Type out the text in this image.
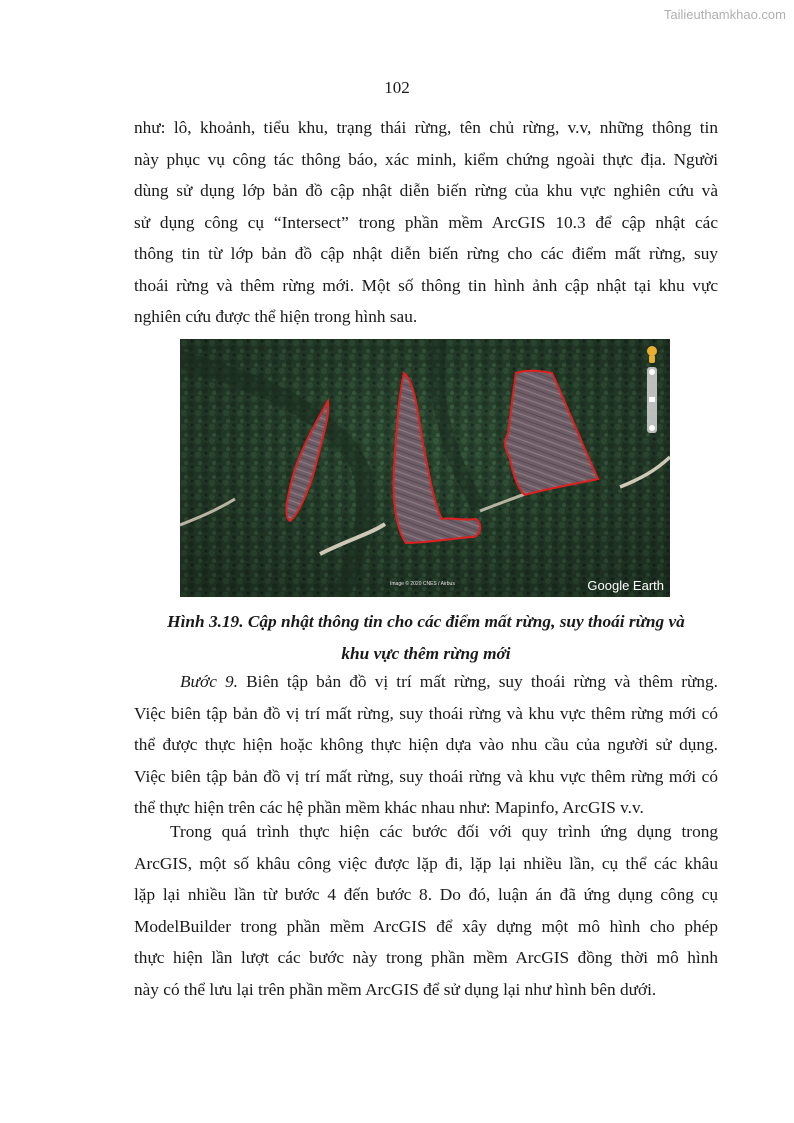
Tailieuthamkhao.com
102
như: lô, khoảnh, tiểu khu, trạng thái rừng, tên chủ rừng, v.v, những thông tin
này phục vụ công tác thông báo, xác minh, kiểm chứng ngoài thực địa. Người
dùng sử dụng lớp bản đồ cập nhật diễn biến rừng của khu vực nghiên cứu và
sử dụng công cụ “Intersect” trong phần mềm ArcGIS 10.3 để cập nhật các
thông tin từ lớp bản đồ cập nhật diễn biến rừng cho các điểm mất rừng, suy
thoái rừng và thêm rừng mới. Một số thông tin hình ảnh cập nhật tại khu vực
nghiên cứu được thể hiện trong hình sau.
Image © 2020 CNES / Airbus	Google Earth
Hình 3.19. Cập nhật thông tin cho các điểm mất rừng, suy thoái rừng và
khu vực thêm rừng mới
Bước 9. Biên tập bản đồ vị trí mất rừng, suy thoái rừng và thêm rừng.
Việc biên tập bản đồ vị trí mất rừng, suy thoái rừng và khu vực thêm rừng mới có
thể được thực hiện hoặc không thực hiện dựa vào nhu cầu của người sử dụng.
Việc biên tập bản đồ vị trí mất rừng, suy thoái rừng và khu vực thêm rừng mới có
thể thực hiện trên các hệ phần mềm khác nhau như: Mapinfo, ArcGIS v.v.
Trong quá trình thực hiện các bước đối với quy trình ứng dụng trong
ArcGIS, một số khâu công việc được lặp đi, lặp lại nhiều lần, cụ thể các khâu
lặp lại nhiều lần từ bước 4 đến bước 8. Do đó, luận án đã ứng dụng công cụ
ModelBuilder trong phần mềm ArcGIS để xây dựng một mô hình cho phép
thực hiện lần lượt các bước này trong phần mềm ArcGIS đồng thời mô hình
này có thể lưu lại trên phần mềm ArcGIS để sử dụng lại như hình bên dưới.
